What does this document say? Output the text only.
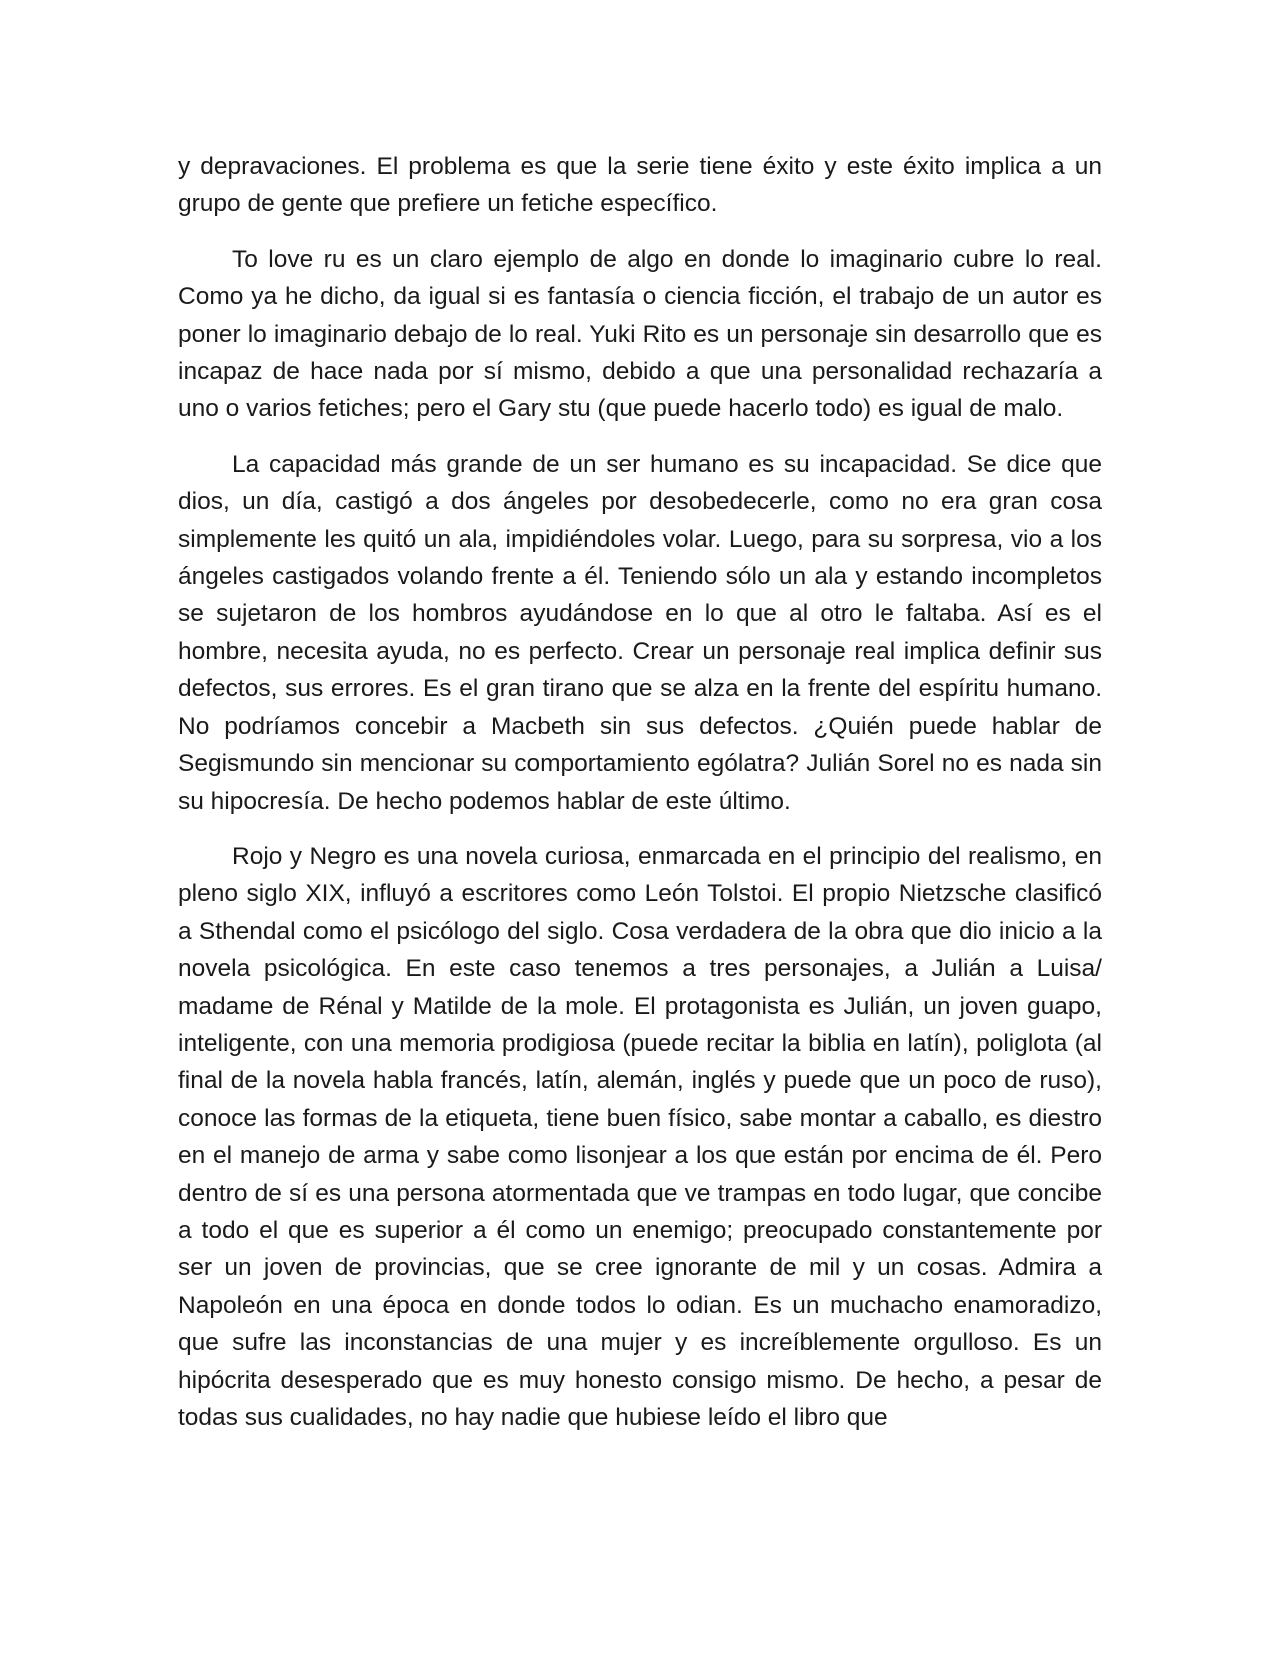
y depravaciones. El problema es que la serie tiene éxito y este éxito implica a un grupo de gente que prefiere un fetiche específico.

To love ru es un claro ejemplo de algo en donde lo imaginario cubre lo real. Como ya he dicho, da igual si es fantasía o ciencia ficción, el trabajo de un autor es poner lo imaginario debajo de lo real. Yuki Rito es un personaje sin desarrollo que es incapaz de hace nada por sí mismo, debido a que una personalidad rechazaría a uno o varios fetiches; pero el Gary stu (que puede hacerlo todo) es igual de malo.

La capacidad más grande de un ser humano es su incapacidad. Se dice que dios, un día, castigó a dos ángeles por desobedecerle, como no era gran cosa simplemente les quitó un ala, impidiéndoles volar. Luego, para su sorpresa, vio a los ángeles castigados volando frente a él. Teniendo sólo un ala y estando incompletos se sujetaron de los hombros ayudándose en lo que al otro le faltaba. Así es el hombre, necesita ayuda, no es perfecto. Crear un personaje real implica definir sus defectos, sus errores. Es el gran tirano que se alza en la frente del espíritu humano. No podríamos concebir a Macbeth sin sus defectos. ¿Quién puede hablar de Segismundo sin mencionar su comportamiento ególatra? Julián Sorel no es nada sin su hipocresía. De hecho podemos hablar de este último.

Rojo y Negro es una novela curiosa, enmarcada en el principio del realismo, en pleno siglo XIX, influyó a escritores como León Tolstoi. El propio Nietzsche clasificó a Sthendal como el psicólogo del siglo. Cosa verdadera de la obra que dio inicio a la novela psicológica. En este caso tenemos a tres personajes, a Julián a Luisa/ madame de Rénal y Matilde de la mole. El protagonista es Julián, un joven guapo, inteligente, con una memoria prodigiosa (puede recitar la biblia en latín), poliglota (al final de la novela habla francés, latín, alemán, inglés y puede que un poco de ruso), conoce las formas de la etiqueta, tiene buen físico, sabe montar a caballo, es diestro en el manejo de arma y sabe como lisonjear a los que están por encima de él. Pero dentro de sí es una persona atormentada que ve trampas en todo lugar, que concibe a todo el que es superior a él como un enemigo; preocupado constantemente por ser un joven de provincias, que se cree ignorante de mil y un cosas. Admira a Napoleón en una época en donde todos lo odian. Es un muchacho enamoradizo, que sufre las inconstancias de una mujer y es increíblemente orgulloso. Es un hipócrita desesperado que es muy honesto consigo mismo. De hecho, a pesar de todas sus cualidades, no hay nadie que hubiese leído el libro que
